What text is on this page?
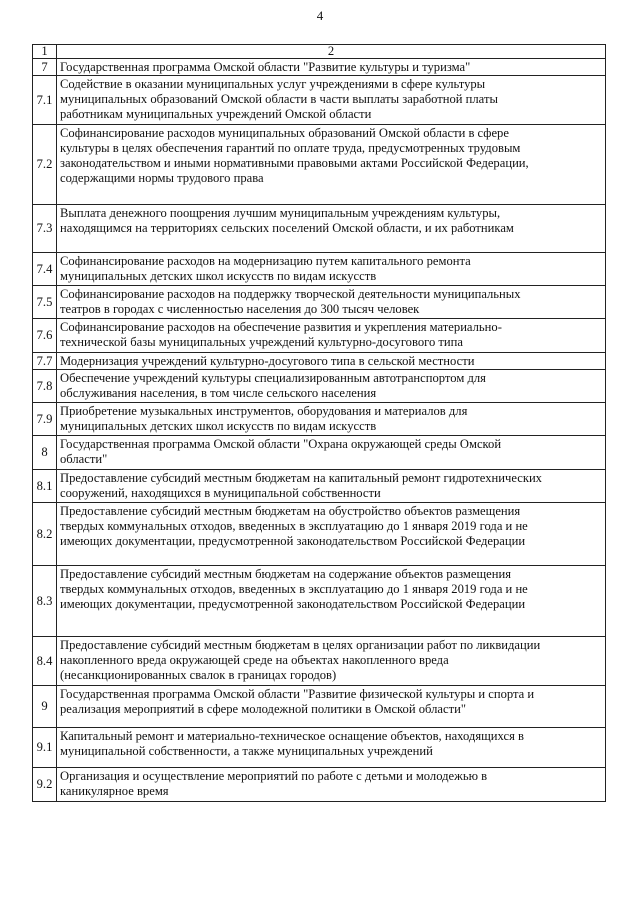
4
1	2
7	Государственная программа Омской области "Развитие культуры и туризма"

7.1	Содействие в оказании муниципальных услуг учреждениями в сфере культуры
муниципальных образований Омской области в части выплаты заработной платы
работникам муниципальных учреждений Омской области

7.2	Софинансирование расходов муниципальных образований Омской области в сфере
культуры в целях обеспечения гарантий по оплате труда, предусмотренных трудовым
законодательством и иными нормативными правовыми актами Российской Федерации,
содержащими нормы трудового права

7.3	Выплата денежного поощрения лучшим муниципальным учреждениям культуры,
находящимся на территориях сельских поселений Омской области, и их работникам

7.4	Софинансирование расходов на модернизацию путем капитального ремонта
муниципальных детских школ искусств по видам искусств

7.5	Софинансирование расходов на поддержку творческой деятельности муниципальных
театров в городах с численностью населения до 300 тысяч человек

7.6	Софинансирование расходов на обеспечение развития и укрепления материально-
технической базы муниципальных учреждений культурно-досугового типа

7.7	Модернизация учреждений культурно-досугового типа в сельской местности

7.8	Обеспечение учреждений культуры специализированным автотранспортом для
обслуживания населения, в том числе сельского населения

7.9	Приобретение музыкальных инструментов, оборудования и материалов для
муниципальных детских школ искусств по видам искусств

8	Государственная программа Омской области "Охрана окружающей среды Омской
области"

8.1	Предоставление субсидий местным бюджетам на капитальный ремонт гидротехнических
сооружений, находящихся в муниципальной собственности

8.2	Предоставление субсидий местным бюджетам на обустройство объектов размещения
твердых коммунальных отходов, введенных в эксплуатацию до 1 января 2019 года и не
имеющих документации, предусмотренной законодательством Российской Федерации

8.3	Предоставление субсидий местным бюджетам на содержание объектов размещения
твердых коммунальных отходов, введенных в эксплуатацию до 1 января 2019 года и не
имеющих документации, предусмотренной законодательством Российской Федерации

8.4	Предоставление субсидий местным бюджетам в целях организации работ по ликвидации
накопленного вреда окружающей среде на объектах накопленного вреда
(несанкционированных свалок в границах городов)

9	Государственная программа Омской области "Развитие физической культуры и спорта и
реализация мероприятий в сфере молодежной политики в Омской области"

9.1	Капитальный ремонт и материально-техническое оснащение объектов, находящихся в
муниципальной собственности, а также муниципальных учреждений

9.2	Организация и осуществление мероприятий по работе с детьми и молодежью в
каникулярное время
